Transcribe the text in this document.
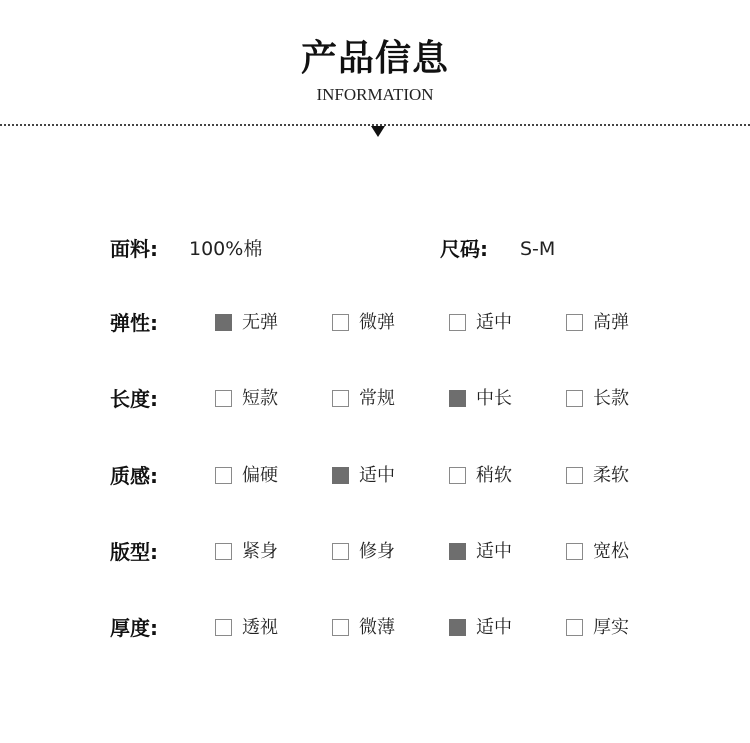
产品信息
INFORMATION
面料: 100%棉	尺码: S-M
弹性:	无弹	微弹	适中	高弹
长度:	短款	常规	中长	长款
质感:	偏硬	适中	稍软	柔软
版型:	紧身	修身	适中	宽松
厚度:	透视	微薄	适中	厚实
